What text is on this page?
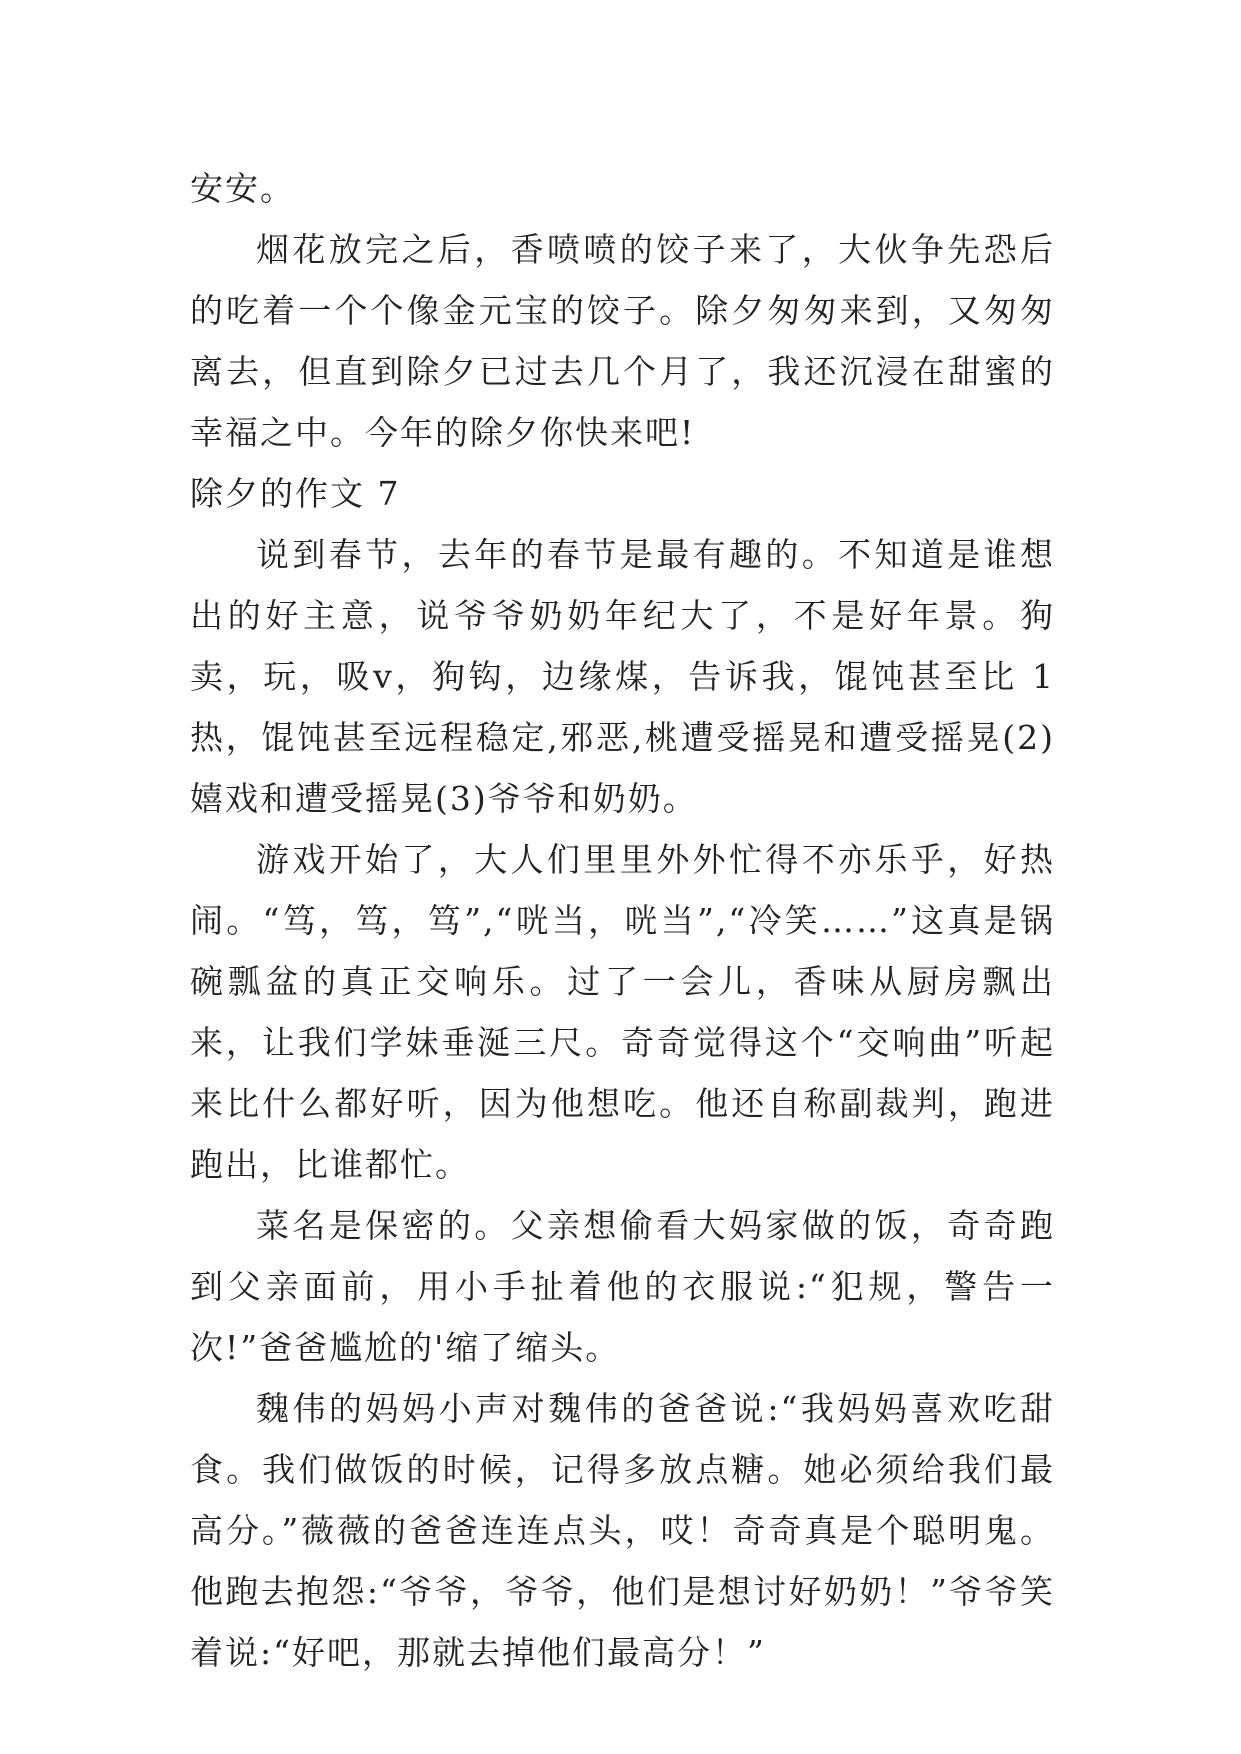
安安。

烟花放完之后，香喷喷的饺子来了，大伙争先恐后的吃着一个个像金元宝的饺子。除夕匆匆来到，又匆匆离去，但直到除夕已过去几个月了，我还沉浸在甜蜜的幸福之中。今年的除夕你快来吧!

除夕的作文 7

说到春节，去年的春节是最有趣的。不知道是谁想出的好主意，说爷爷奶奶年纪大了，不是好年景。狗卖，玩，吸v，狗钩，边缘煤，告诉我，馄饨甚至比 1 热，馄饨甚至远程稳定,邪恶,桃遭受摇晃和遭受摇晃(2)嬉戏和遭受摇晃(3)爷爷和奶奶。

游戏开始了，大人们里里外外忙得不亦乐乎，好热闹。“笃，笃，笃”,“咣当，咣当”,“冷笑……”这真是锅碗瓢盆的真正交响乐。过了一会儿，香味从厨房飘出来，让我们学妹垂涎三尺。奇奇觉得这个“交响曲”听起来比什么都好听，因为他想吃。他还自称副裁判，跑进跑出，比谁都忙。

菜名是保密的。父亲想偷看大妈家做的饭，奇奇跑到父亲面前，用小手扯着他的衣服说:“犯规，警告一次!”爸爸尴尬的'缩了缩头。

魏伟的妈妈小声对魏伟的爸爸说:“我妈妈喜欢吃甜食。我们做饭的时候，记得多放点糖。她必须给我们最高分。”薇薇的爸爸连连点头，哎！奇奇真是个聪明鬼。他跑去抱怨:“爷爷，爷爷，他们是想讨好奶奶！”爷爷笑着说:“好吧，那就去掉他们最高分！”
